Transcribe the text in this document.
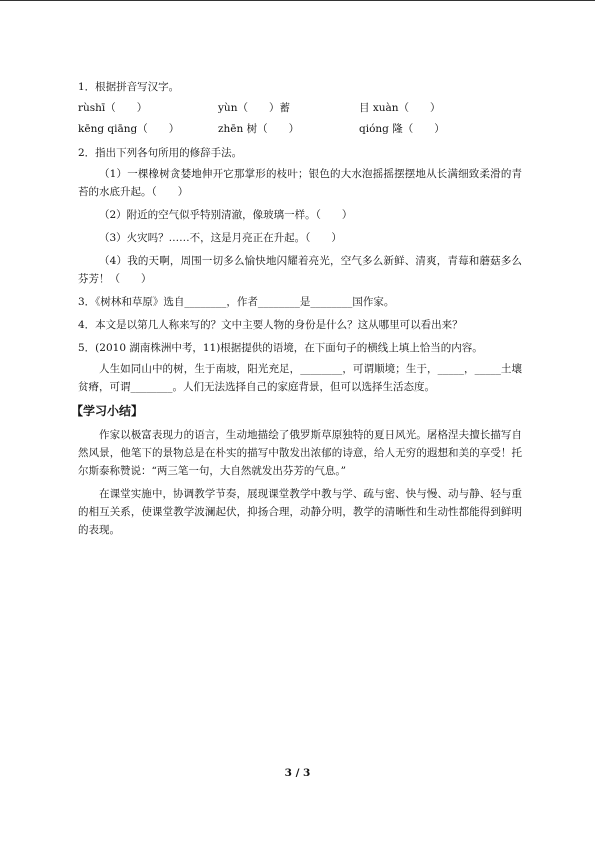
1．根据拼音写汉字。
rùshī（　　）	yùn（　　）蓄	目 xuàn（　　）
kēng qiāng（　　）	zhēn 树（　　）	qióng 隆（　　）
2．指出下列各句所用的修辞手法。
（1）一棵橡树贪婪地伸开它那掌形的枝叶；银色的大水泡摇摇摆摆地从长满细致柔滑的青苔的水底升起。（　　）
（2）附近的空气似乎特别清澈，像玻璃一样。（　　）
（3）火灾吗？……不，这是月亮正在升起。（　　）
（4）我的天啊，周围一切多么愉快地闪耀着亮光，空气多么新鲜、清爽，青莓和蘑菇多么芬芳！（　　）
3．《树林和草原》选自________，作者________是________国作家。
4．本文是以第几人称来写的？文中主要人物的身份是什么？这从哪里可以看出来？
5．(2010 湖南株洲中考，11)根据提供的语境，在下面句子的横线上填上恰当的内容。
人生如同山中的树，生于南坡，阳光充足，________，可谓顺境；生于，_____，_____土壤贫瘠，可谓________。人们无法选择自己的家庭背景，但可以选择生活态度。
【学习小结】
作家以极富表现力的语言，生动地描绘了俄罗斯草原独特的夏日风光。屠格涅夫擅长描写自然风景，他笔下的景物总是在朴实的描写中散发出浓郁的诗意，给人无穷的遐想和美的享受！托尔斯泰称赞说：“两三笔一句，大自然就发出芬芳的气息。”
在课堂实施中，协调教学节奏，展现课堂教学中教与学、疏与密、快与慢、动与静、轻与重的相互关系，使课堂教学波澜起伏，抑扬合理，动静分明，教学的清晰性和生动性都能得到鲜明的表现。
3 / 3
